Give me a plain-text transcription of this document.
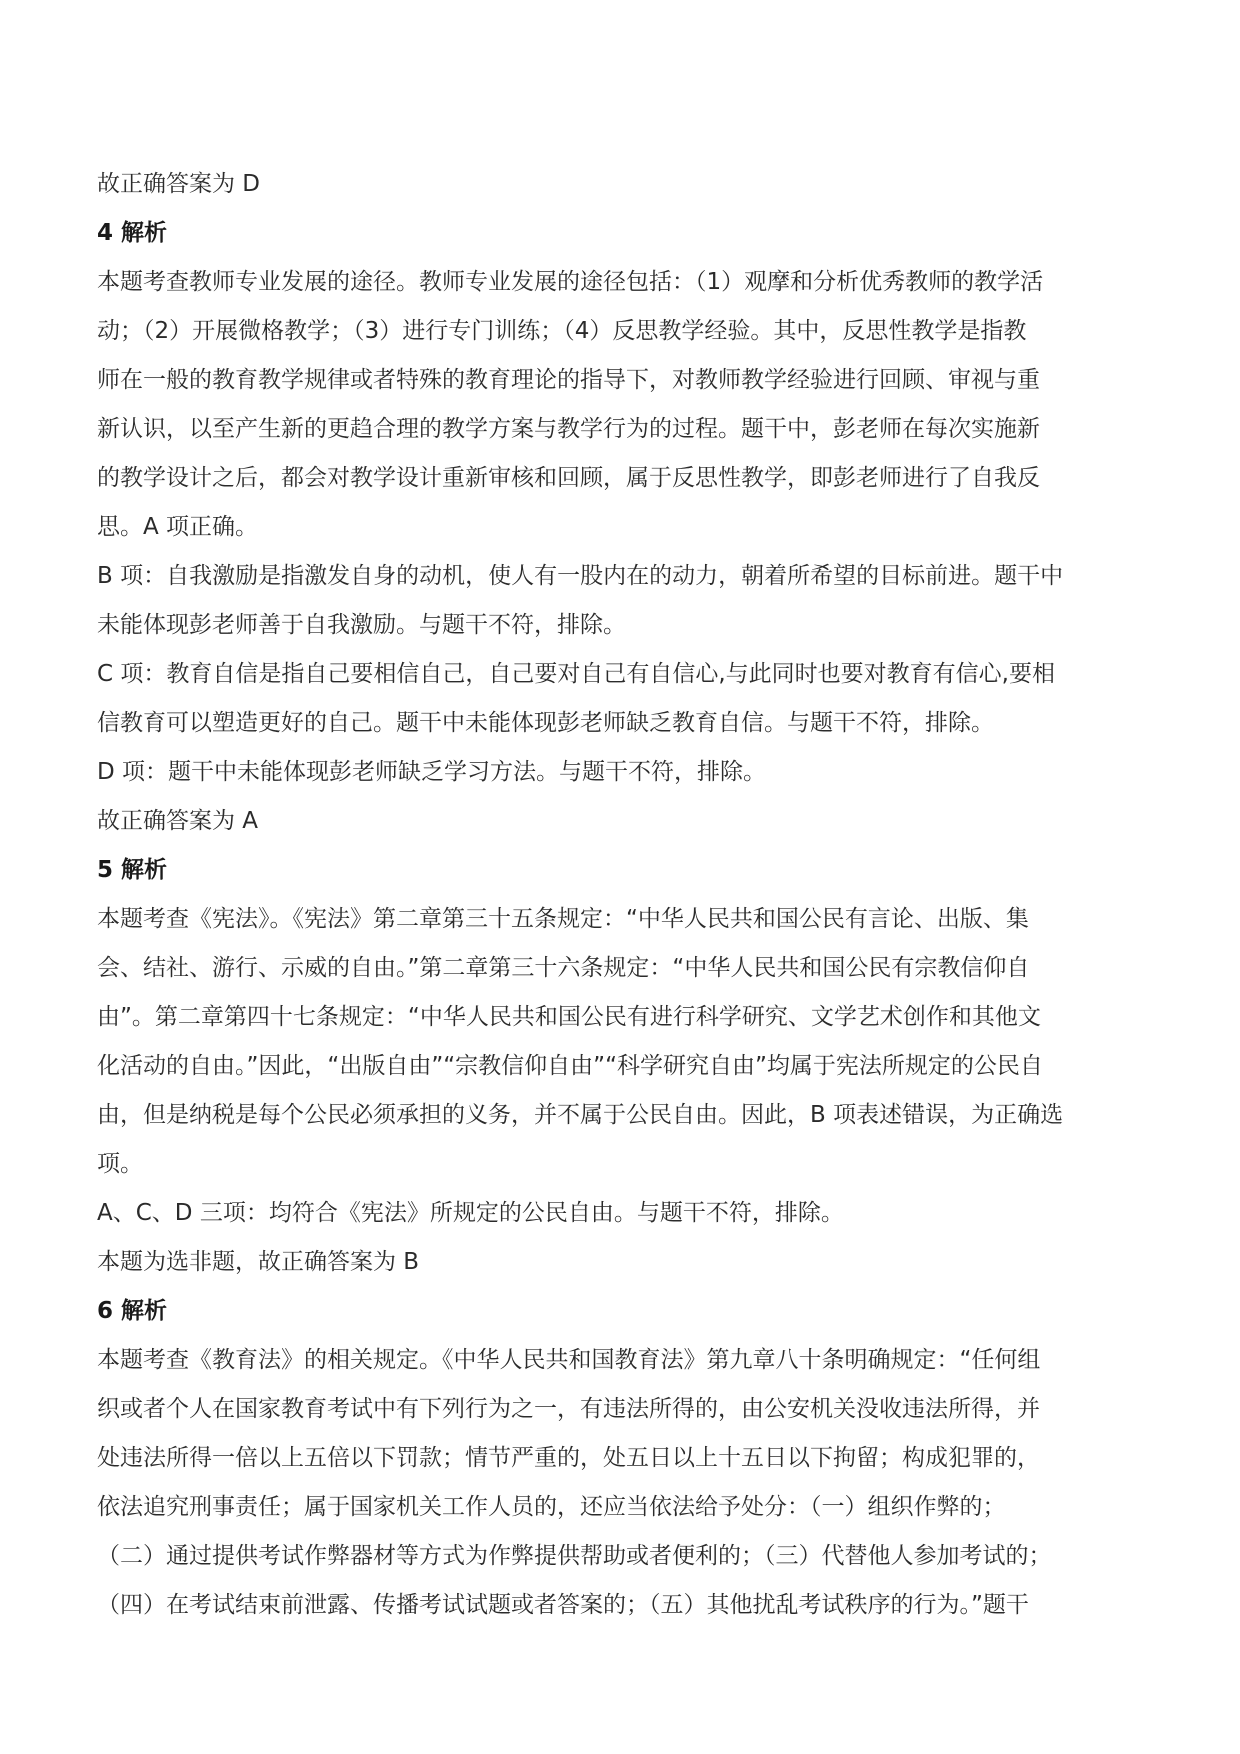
故正确答案为 D
4 解析
本题考查教师专业发展的途径。教师专业发展的途径包括：（1）观摩和分析优秀教师的教学活
动；（2）开展微格教学；（3）进行专门训练；（4）反思教学经验。其中，反思性教学是指教
师在一般的教育教学规律或者特殊的教育理论的指导下，对教师教学经验进行回顾、审视与重
新认识，以至产生新的更趋合理的教学方案与教学行为的过程。题干中，彭老师在每次实施新
的教学设计之后，都会对教学设计重新审核和回顾，属于反思性教学，即彭老师进行了自我反
思。A 项正确。
B 项：自我激励是指激发自身的动机，使人有一股内在的动力，朝着所希望的目标前进。题干中
未能体现彭老师善于自我激励。与题干不符，排除。
C 项：教育自信是指自己要相信自己，自己要对自己有自信心,与此同时也要对教育有信心,要相
信教育可以塑造更好的自己。题干中未能体现彭老师缺乏教育自信。与题干不符，排除。
D 项：题干中未能体现彭老师缺乏学习方法。与题干不符，排除。
故正确答案为 A
5 解析
本题考查《宪法》。《宪法》第二章第三十五条规定：“中华人民共和国公民有言论、出版、集
会、结社、游行、示威的自由。”第二章第三十六条规定：“中华人民共和国公民有宗教信仰自
由”。第二章第四十七条规定：“中华人民共和国公民有进行科学研究、文学艺术创作和其他文
化活动的自由。”因此，“出版自由”“宗教信仰自由”“科学研究自由”均属于宪法所规定的公民自
由，但是纳税是每个公民必须承担的义务，并不属于公民自由。因此，B 项表述错误，为正确选
项。
A、C、D 三项：均符合《宪法》所规定的公民自由。与题干不符，排除。
本题为选非题，故正确答案为 B
6 解析
本题考查《教育法》的相关规定。《中华人民共和国教育法》第九章八十条明确规定：“任何组
织或者个人在国家教育考试中有下列行为之一，有违法所得的，由公安机关没收违法所得，并
处违法所得一倍以上五倍以下罚款；情节严重的，处五日以上十五日以下拘留；构成犯罪的，
依法追究刑事责任；属于国家机关工作人员的，还应当依法给予处分：（一）组织作弊的；
（二）通过提供考试作弊器材等方式为作弊提供帮助或者便利的；（三）代替他人参加考试的；
（四）在考试结束前泄露、传播考试试题或者答案的；（五）其他扰乱考试秩序的行为。”题干
